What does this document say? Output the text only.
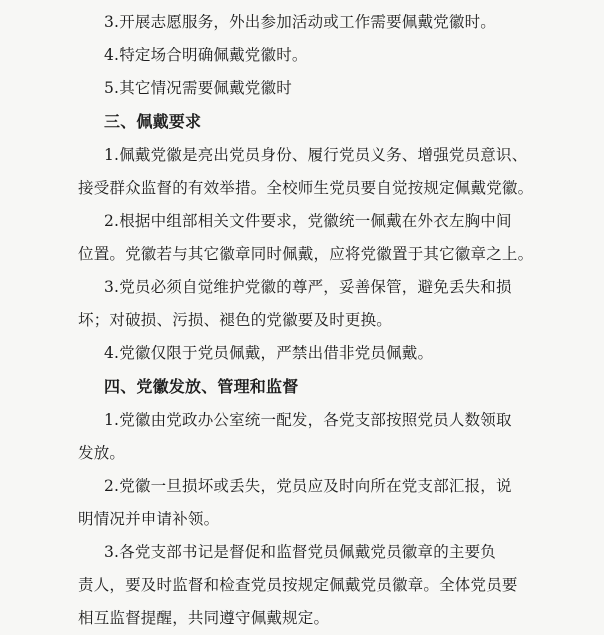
3.开展志愿服务，外出参加活动或工作需要佩戴党徽时。
4.特定场合明确佩戴党徽时。
5.其它情况需要佩戴党徽时
三、佩戴要求
1.佩戴党徽是亮出党员身份、履行党员义务、增强党员意识、
接受群众监督的有效举措。全校师生党员要自觉按规定佩戴党徽。
2.根据中组部相关文件要求，党徽统一佩戴在外衣左胸中间
位置。党徽若与其它徽章同时佩戴，应将党徽置于其它徽章之上。
3.党员必须自觉维护党徽的尊严，妥善保管，避免丢失和损
坏；对破损、污损、褪色的党徽要及时更换。
4.党徽仅限于党员佩戴，严禁出借非党员佩戴。
四、党徽发放、管理和监督
1.党徽由党政办公室统一配发，各党支部按照党员人数领取
发放。
2.党徽一旦损坏或丢失，党员应及时向所在党支部汇报，说
明情况并申请补领。
3.各党支部书记是督促和监督党员佩戴党员徽章的主要负
责人，要及时监督和检查党员按规定佩戴党员徽章。全体党员要
相互监督提醒，共同遵守佩戴规定。
